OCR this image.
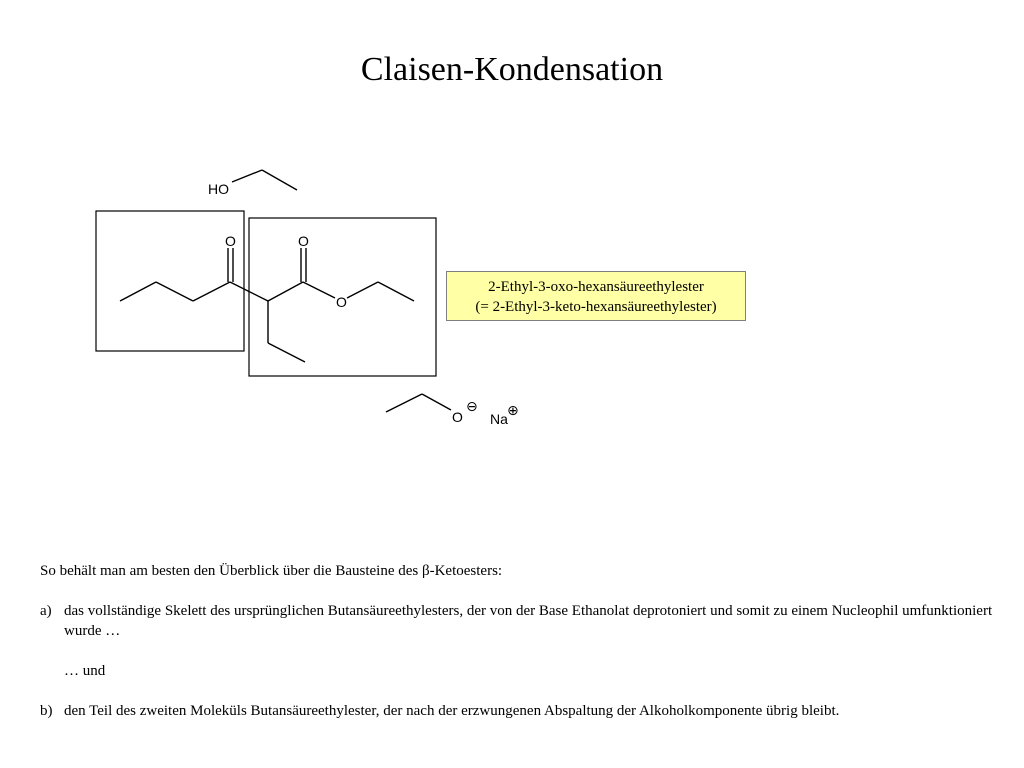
Claisen-Kondensation
HO
O	O
O
O
⊖
Na
⊕
2-Ethyl-3-oxo-hexansäureethylester
(= 2-Ethyl-3-keto-hexansäureethylester)

So behält man am besten den Überblick über die Bausteine des β-Ketoesters:

a) das vollständige Skelett des ursprünglichen Butansäureethylesters, der von der Base Ethanolat deprotoniert und somit zu einem Nucleophil umfunktioniert wurde …
… und
b) den Teil des zweiten Moleküls Butansäureethylester, der nach der erzwungenen Abspaltung der Alkoholkomponente übrig bleibt.
